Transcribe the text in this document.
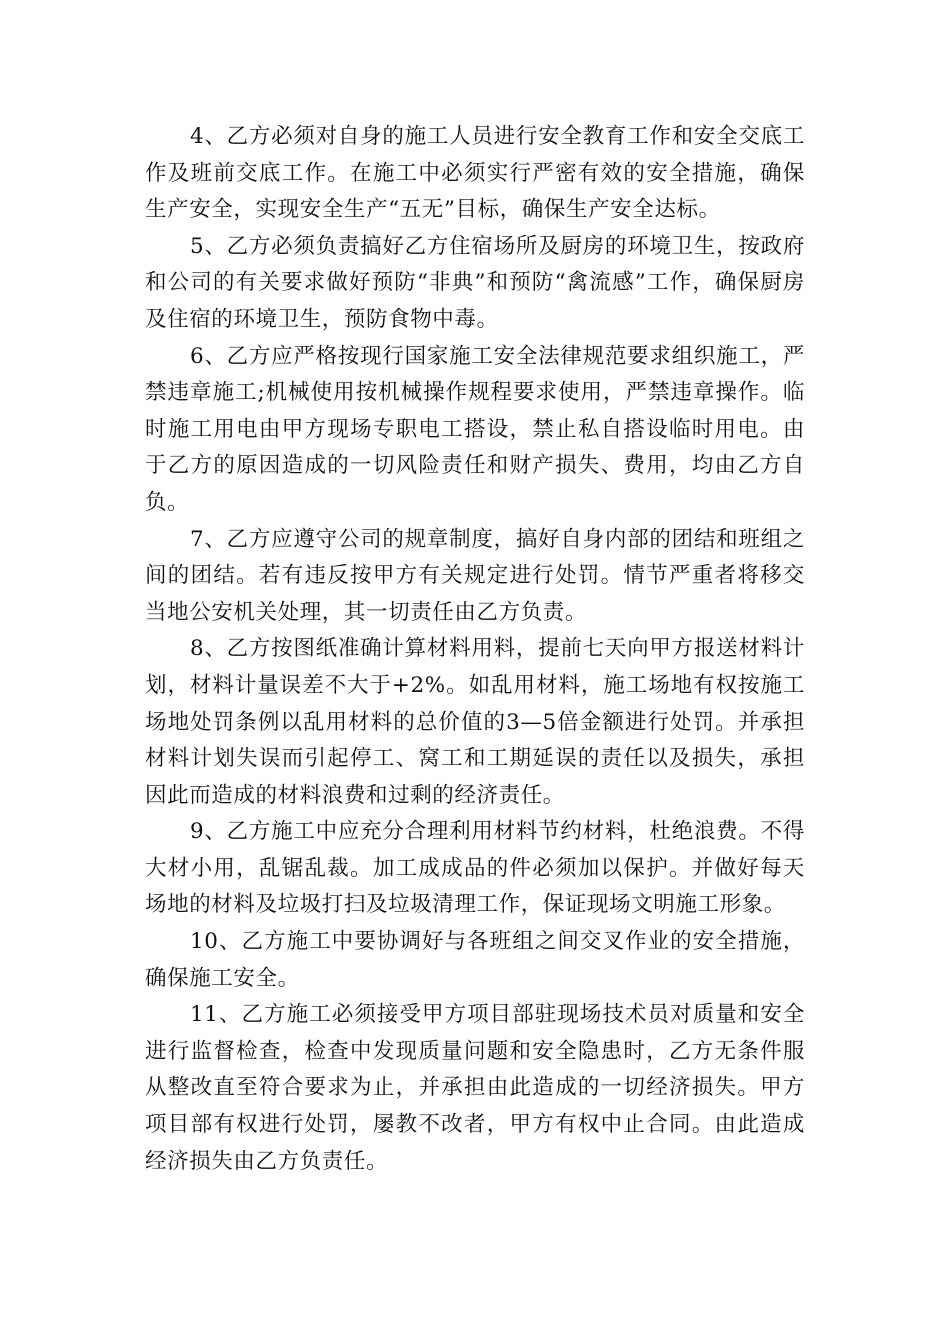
4、乙方必须对自身的施工人员进行安全教育工作和安全交底工作及班前交底工作。在施工中必须实行严密有效的安全措施，确保生产安全，实现安全生产“五无”目标，确保生产安全达标。

5、乙方必须负责搞好乙方住宿场所及厨房的环境卫生，按政府和公司的有关要求做好预防“非典”和预防“禽流感”工作，确保厨房及住宿的环境卫生，预防食物中毒。

6、乙方应严格按现行国家施工安全法律规范要求组织施工，严禁违章施工;机械使用按机械操作规程要求使用，严禁违章操作。临时施工用电由甲方现场专职电工搭设，禁止私自搭设临时用电。由于乙方的原因造成的一切风险责任和财产损失、费用，均由乙方自负。

7、乙方应遵守公司的规章制度，搞好自身内部的团结和班组之间的团结。若有违反按甲方有关规定进行处罚。情节严重者将移交当地公安机关处理，其一切责任由乙方负责。

8、乙方按图纸准确计算材料用料，提前七天向甲方报送材料计划，材料计量误差不大于+2%。如乱用材料，施工场地有权按施工场地处罚条例以乱用材料的总价值的3—5倍金额进行处罚。并承担材料计划失误而引起停工、窝工和工期延误的责任以及损失，承担因此而造成的材料浪费和过剩的经济责任。

9、乙方施工中应充分合理利用材料节约材料，杜绝浪费。不得大材小用，乱锯乱裁。加工成成品的件必须加以保护。并做好每天场地的材料及垃圾打扫及垃圾清理工作，保证现场文明施工形象。

10、乙方施工中要协调好与各班组之间交叉作业的安全措施，确保施工安全。

11、乙方施工必须接受甲方项目部驻现场技术员对质量和安全进行监督检查，检查中发现质量问题和安全隐患时，乙方无条件服从整改直至符合要求为止，并承担由此造成的一切经济损失。甲方项目部有权进行处罚，屡教不改者，甲方有权中止合同。由此造成经济损失由乙方负责任。
